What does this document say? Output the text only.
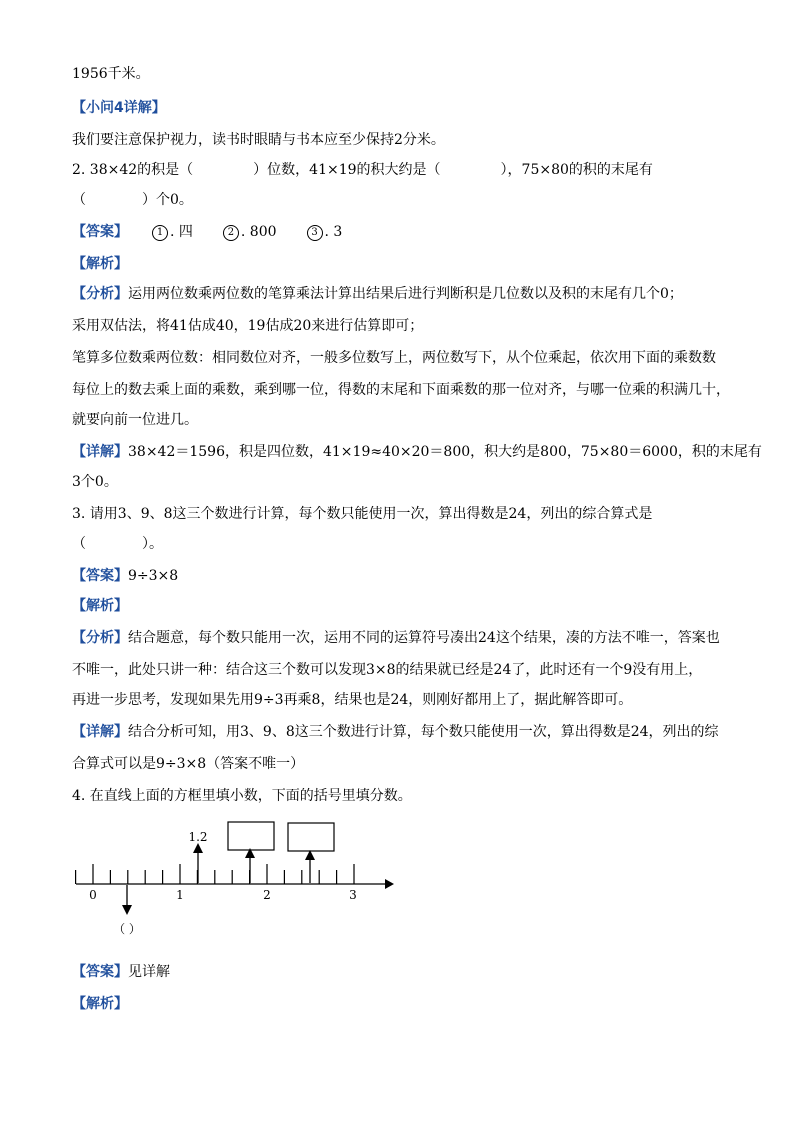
1956千米。
【小问4详解】
我们要注意保护视力，读书时眼睛与书本应至少保持2分米。
2. 38×42的积是（	）位数，41×19的积大约是（	），75×80的积的末尾有
（	）个0。
【答案】	1 . 四	2 . 800	3 . 3
【解析】
【分析】运用两位数乘两位数的笔算乘法计算出结果后进行判断积是几位数以及积的末尾有几个0；
采用双估法，将41估成40，19估成20来进行估算即可；
笔算多位数乘两位数：相同数位对齐，一般多位数写上，两位数写下，从个位乘起，依次用下面的乘数数
每位上的数去乘上面的乘数，乘到哪一位，得数的末尾和下面乘数的那一位对齐，与哪一位乘的积满几十，
就要向前一位进几。
【详解】38×42＝1596，积是四位数，41×19≈40×20＝800，积大约是800，75×80＝6000，积的末尾有
3个0。
3. 请用3、9、8这三个数进行计算，每个数只能使用一次，算出得数是24，列出的综合算式是
（	）。
【答案】9÷3×8
【解析】
【分析】结合题意，每个数只能用一次，运用不同的运算符号凑出24这个结果，凑的方法不唯一，答案也
不唯一，此处只讲一种：结合这三个数可以发现3×8的结果就已经是24了，此时还有一个9没有用上，
再进一步思考，发现如果先用9÷3再乘8，结果也是24，则刚好都用上了，据此解答即可。
【详解】结合分析可知，用3、9、8这三个数进行计算，每个数只能使用一次，算出得数是24，列出的综
合算式可以是9÷3×8（答案不唯一）
4. 在直线上面的方框里填小数，下面的括号里填分数。
0	1	2	3
1.2
（ ）
【答案】见详解
【解析】
